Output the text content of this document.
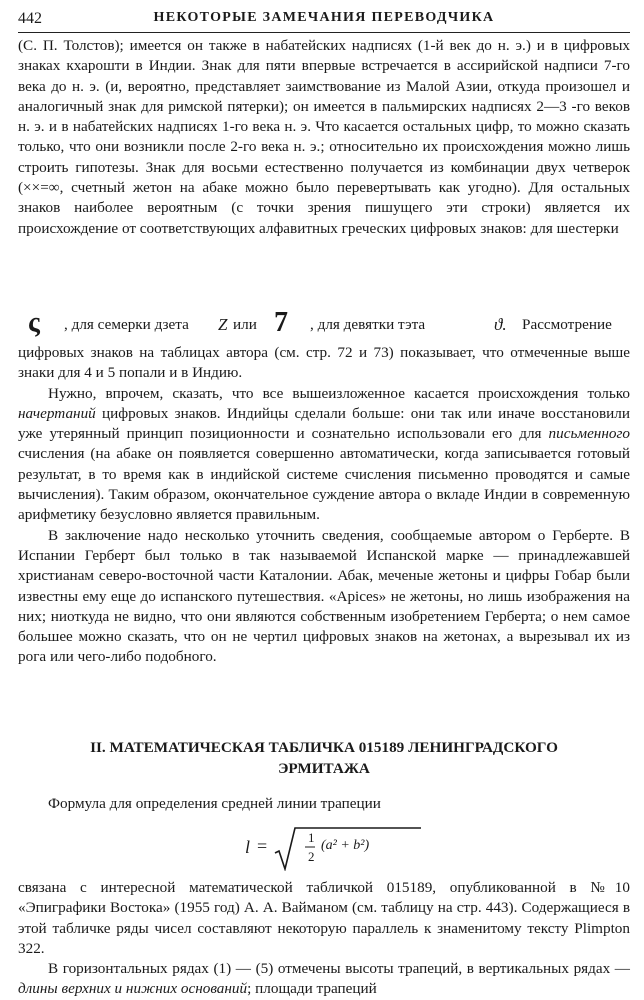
442	НЕКОТОРЫЕ ЗАМЕЧАНИЯ ПЕРЕВОДЧИКА

(С. П. Толстов); имеется он также в набатейских надписях (1-й век до н. э.) и в цифровых знаках кхарошти в Индии. Знак для пяти впервые встречается в ассирийской надписи 7-го века до н. э. (и, вероятно, представляет заимствование из Малой Азии, откуда произошел и аналогичный знак для римской пятерки); он имеется в пальмирских надписях 2—3 -го веков н. э. и в набатейских надписях 1-го века н. э. Что касается остальных цифр, то можно сказать только, что они возникли после 2-го века н. э.; относительно их происхождения можно лишь строить гипотезы. Знак для восьми естественно получается из комбинации двух четверок (××=∞, счетный жетон на абаке можно было перевертывать как угодно). Для остальных знаков наиболее вероятным (с точки зрения пишущего эти строки) является их происхождение от соответствующих алфавитных греческих цифровых знаков: для шестерки

ς , для семерки дзета Z или 7 , для девятки тэта	ϑ. Рассмотрение

цифровых знаков на таблицах автора (см. стр. 72 и 73) показывает, что отмеченные выше знаки для 4 и 5 попали и в Индию.

Нужно, впрочем, сказать, что все вышеизложенное касается происхождения только начертаний цифровых знаков. Индийцы сделали больше: они так или иначе восстановили уже утерянный принцип позиционности и сознательно использовали его для письменного счисления (на абаке он появляется совершенно автоматически, когда записывается готовый результат, в то время как в индийской системе счисления письменно проводятся и самые вычисления). Таким образом, окончательное суждение автора о вкладе Индии в современную арифметику безусловно является правильным.

В заключение надо несколько уточнить сведения, сообщаемые автором о Герберте. В Испании Герберт был только в так называемой Испанской марке — принадлежавшей христианам северо-восточной части Каталонии. Абак, меченые жетоны и цифры Гобар были известны ему еще до испанского путешествия. «Apices» не жетоны, но лишь изображения на них; ниоткуда не видно, что они являются собственным изобретением Герберта; о нем самое большее можно сказать, что он не чертил цифровых знаков на жетонах, а вырезывал их из рога или чего-либо подобного.

II. МАТЕМАТИЧЕСКАЯ ТАБЛИЧКА 015189 ЛЕНИНГРАДСКОГО
ЭРМИТАЖА

Формула для определения средней линии трапеции

l =	1
2
(a² + b²)

связана с интересной математической табличкой 015189, опубликованной в №10 «Эпиграфики Востока» (1955 год) А. А. Вайманом (см. таблицу на стр. 443). Содержащиеся в этой табличке ряды чисел составляют некоторую параллель к знаменитому тексту Plimpton 322.

В горизонтальных рядах (1) — (5) отмечены высоты трапеций, в вертикальных рядах — длины верхних и нижних оснований; площади трапеций
